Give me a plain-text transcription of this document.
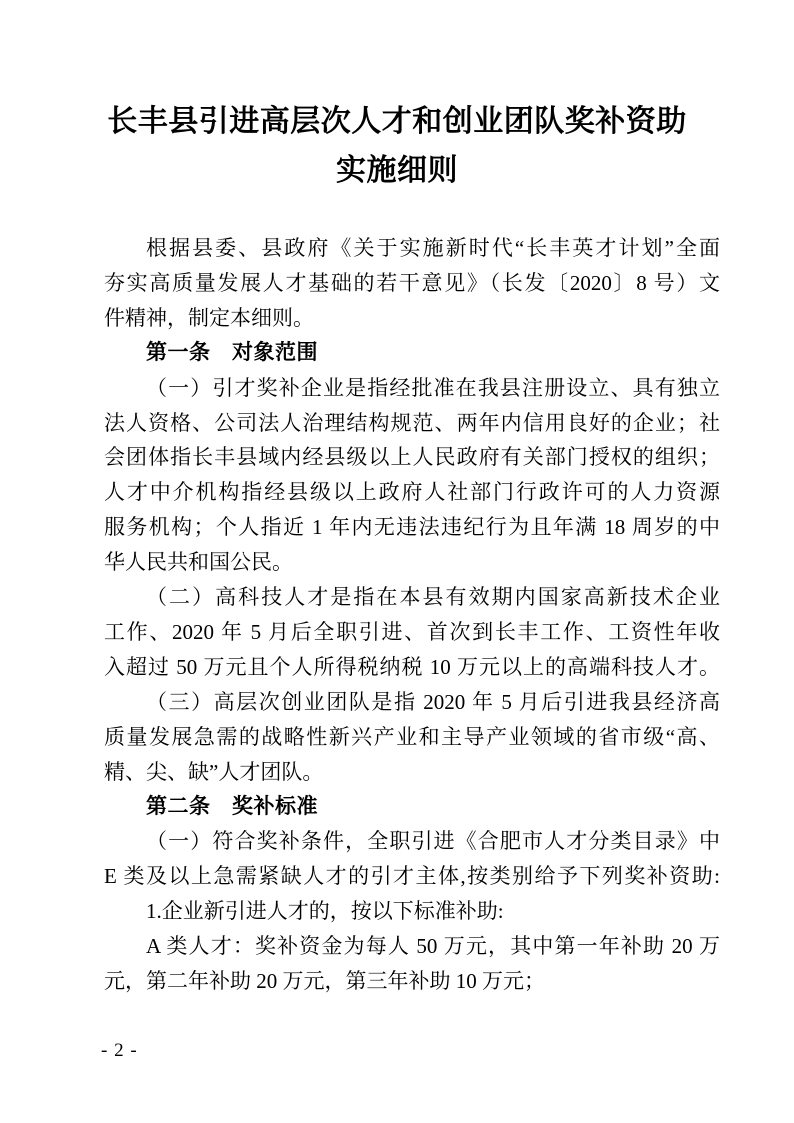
长丰县引进高层次人才和创业团队奖补资助
实施细则
根据县委、县政府《关于实施新时代“长丰英才计划”全面
夯实高质量发展人才基础的若干意见》（长发〔2020〕8 号）文
件精神，制定本细则。
第一条　对象范围
（一）引才奖补企业是指经批准在我县注册设立、具有独立
法人资格、公司法人治理结构规范、两年内信用良好的企业；社
会团体指长丰县域内经县级以上人民政府有关部门授权的组织；
人才中介机构指经县级以上政府人社部门行政许可的人力资源
服务机构；个人指近 1 年内无违法违纪行为且年满 18 周岁的中
华人民共和国公民。
（二）高科技人才是指在本县有效期内国家高新技术企业
工作、2020 年 5 月后全职引进、首次到长丰工作、工资性年收
入超过 50 万元且个人所得税纳税 10 万元以上的高端科技人才。
（三）高层次创业团队是指 2020 年 5 月后引进我县经济高
质量发展急需的战略性新兴产业和主导产业领域的省市级“高、
精、尖、缺”人才团队。
第二条　奖补标准
（一）符合奖补条件，全职引进《合肥市人才分类目录》中
E 类及以上急需紧缺人才的引才主体,按类别给予下列奖补资助:
1.企业新引进人才的，按以下标准补助:
A 类人才：奖补资金为每人 50 万元，其中第一年补助 20 万
元，第二年补助 20 万元，第三年补助 10 万元；
- 2 -
